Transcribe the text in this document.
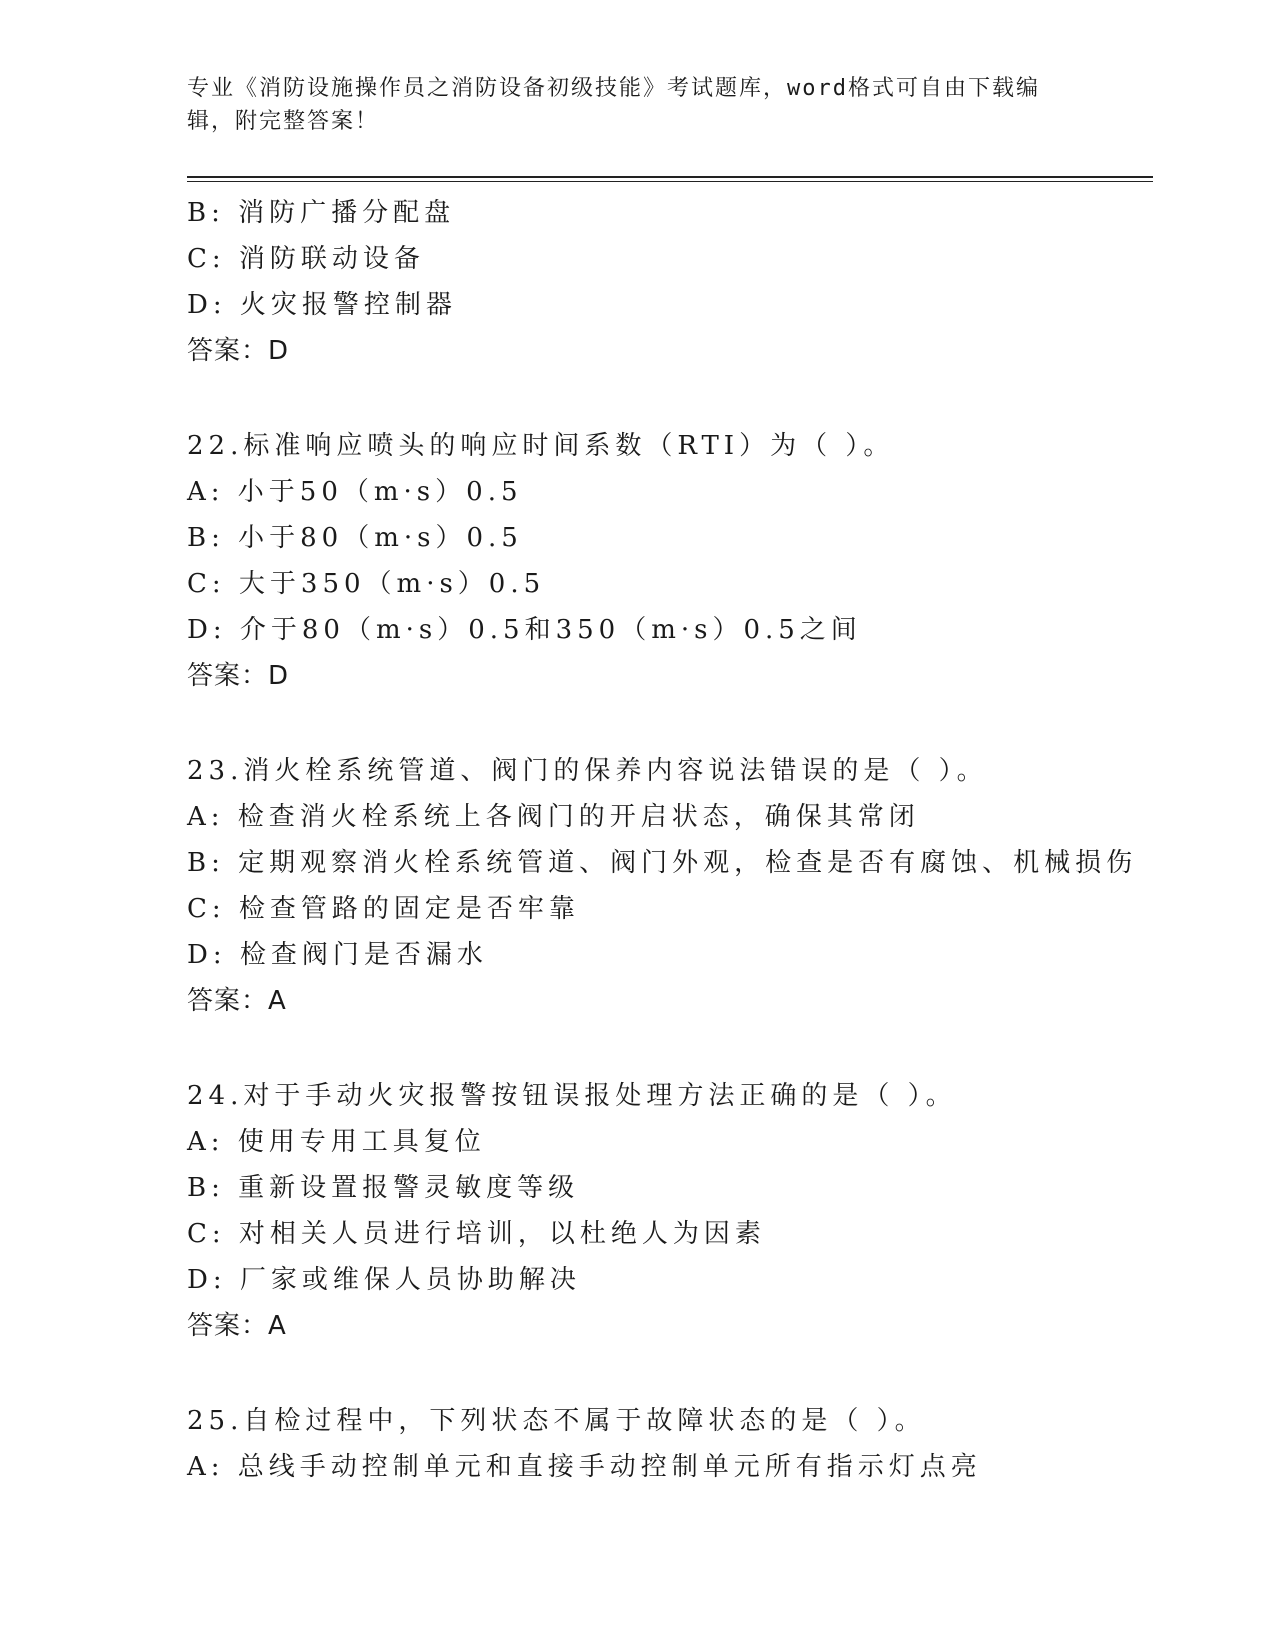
专业《消防设施操作员之消防设备初级技能》考试题库，word格式可自由下载编
辑，附完整答案！
B: 消防广播分配盘
C: 消防联动设备
D: 火灾报警控制器
答案：D
22.标准响应喷头的响应时间系数（RTI）为（ ）。
A: 小于50（m·s）0.5
B: 小于80（m·s）0.5
C: 大于350（m·s）0.5
D: 介于80（m·s）0.5和350（m·s）0.5之间
答案：D
23.消火栓系统管道、阀门的保养内容说法错误的是（ ）。
A: 检查消火栓系统上各阀门的开启状态，确保其常闭
B: 定期观察消火栓系统管道、阀门外观，检查是否有腐蚀、机械损伤
C: 检查管路的固定是否牢靠
D: 检查阀门是否漏水
答案：A
24.对于手动火灾报警按钮误报处理方法正确的是（ ）。
A: 使用专用工具复位
B: 重新设置报警灵敏度等级
C: 对相关人员进行培训，以杜绝人为因素
D: 厂家或维保人员协助解决
答案：A
25.自检过程中，下列状态不属于故障状态的是（ ）。
A: 总线手动控制单元和直接手动控制单元所有指示灯点亮
